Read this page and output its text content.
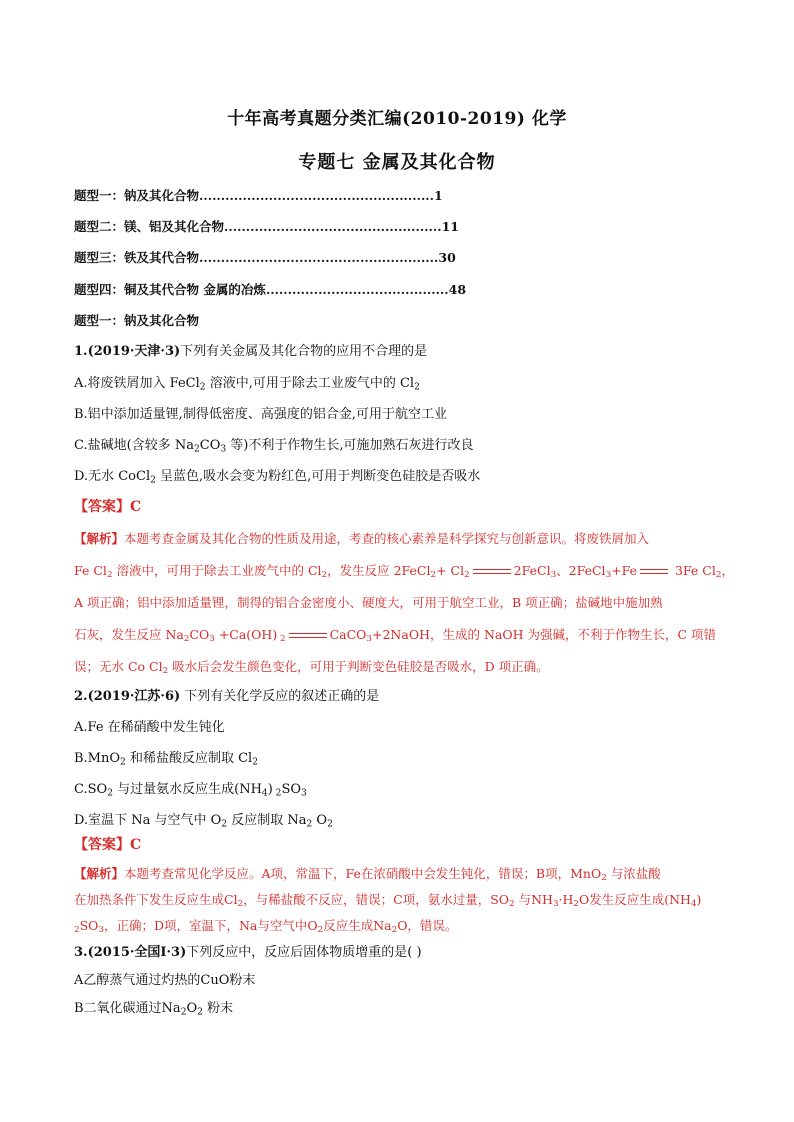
十年高考真题分类汇编(2010-2019) 化学
专题七 金属及其化合物
题型一：钠及其化合物......................................................1
题型二：镁、铝及其化合物..................................................11
题型三：铁及其代合物.......................................................30
题型四：铜及其代合物 金属的冶炼..........................................48
题型一：钠及其化合物
1.(2019·天津·3)下列有关金属及其化合物的应用不合理的是
A.将废铁屑加入 FeCl$_2$ 溶液中,可用于除去工业废气中的 $Cl_2$
B.铝中添加适量锂,制得低密度、高强度的铝合金,可用于航空工业
C.盐碱地(含较多 $Na_2CO_3$ 等)不利于作物生长,可施加熟石灰进行改良
D.无水 CoCl$_2$ 呈蓝色,吸水会变为粉红色,可用于判断变色硅胶是否吸水
【答案】C
【解析】本题考查金属及其化合物的性质及用途，考查的核心素养是科学探究与创新意识。将废铁屑加入
Fe $Cl_2$ 溶液中，可用于除去工业废气中的 $Cl_2$，发生反应 2FeCl$_2$+ $Cl_2$	2FeCl$_3$、2FeCl$_3$+Fe	3Fe $Cl_2$，
A 项正确；铝中添加适量锂，制得的铝合金密度小、硬度大，可用于航空工业，B 项正确；盐碱地中施加熟
石灰，发生反应 $Na_2CO_3 +Ca(OH)$ $_2$	CaCO$_3$+2NaOH，生成的 NaOH 为强碱，不利于作物生长，C 项错
误；无水 Co $Cl_2$ 吸水后会发生颜色变化，可用于判断变色硅胶是否吸水，D 项正确。
2.(2019·江苏·6) 下列有关化学反应的叙述正确的是
A.Fe 在稀硝酸中发生钝化
B.MnO$_2$ 和稀盐酸反应制取 $Cl_2$
$C.SO_2$ 与过量氨水反应生成$(NH_4)$ $_2SO_3$
D.室温下 Na 与空气中 $O_2$ 反应制取 $Na_2$ $O_2$
【答案】C
【解析】本题考查常见化学反应。A项，常温下，Fe在浓硝酸中会发生钝化，错误；B项，MnO$_2$ 与浓盐酸
在加热条件下发生反应生成$Cl_2$，与稀盐酸不反应，错误；C项，氨水过量，$SO_2$ 与$NH_3\cdot H_2O$发生反应生成$(NH_4)$
$_2SO_3$，正确；D项，室温下，Na与空气中$O_2$反应生成$Na_2O$，错误。
3.(2015·全国Ⅰ·3)下列反应中，反应后固体物质增重的是( )
A乙醇蒸气通过灼热的CuO粉末
B二氧化碳通过$Na_2O_2$ 粉末
